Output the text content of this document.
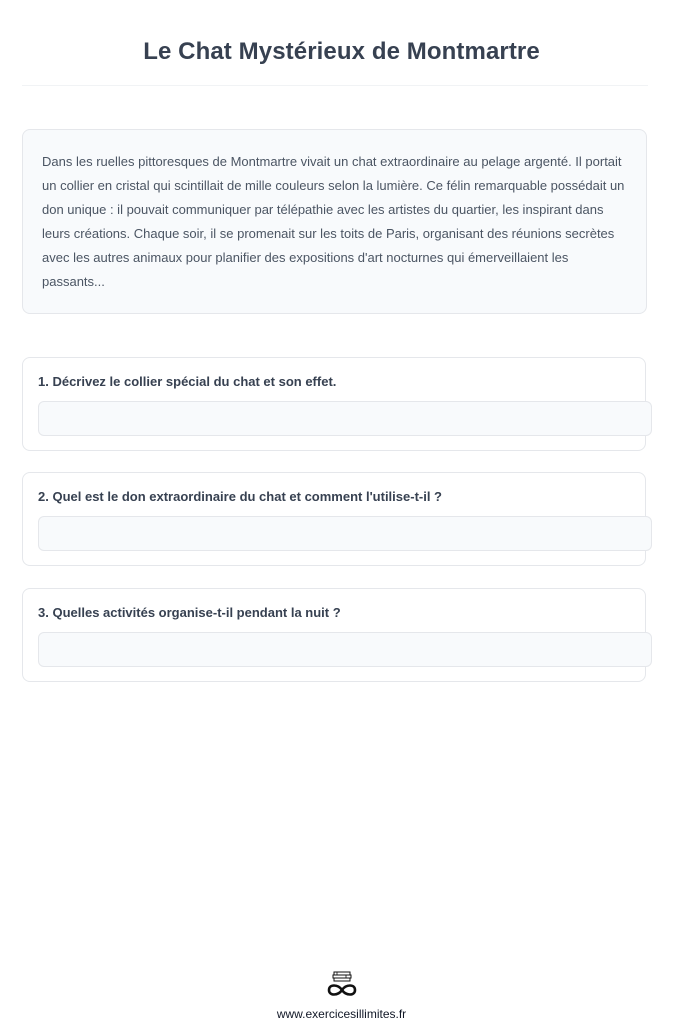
Le Chat Mystérieux de Montmartre
Dans les ruelles pittoresques de Montmartre vivait un chat extraordinaire au pelage argenté. Il portait un collier en cristal qui scintillait de mille couleurs selon la lumière. Ce félin remarquable possédait un don unique : il pouvait communiquer par télépathie avec les artistes du quartier, les inspirant dans leurs créations. Chaque soir, il se promenait sur les toits de Paris, organisant des réunions secrètes avec les autres animaux pour planifier des expositions d'art nocturnes qui émerveillaient les passants...
1. Décrivez le collier spécial du chat et son effet.
2. Quel est le don extraordinaire du chat et comment l'utilise-t-il ?
3. Quelles activités organise-t-il pendant la nuit ?
www.exercicesillimites.fr
